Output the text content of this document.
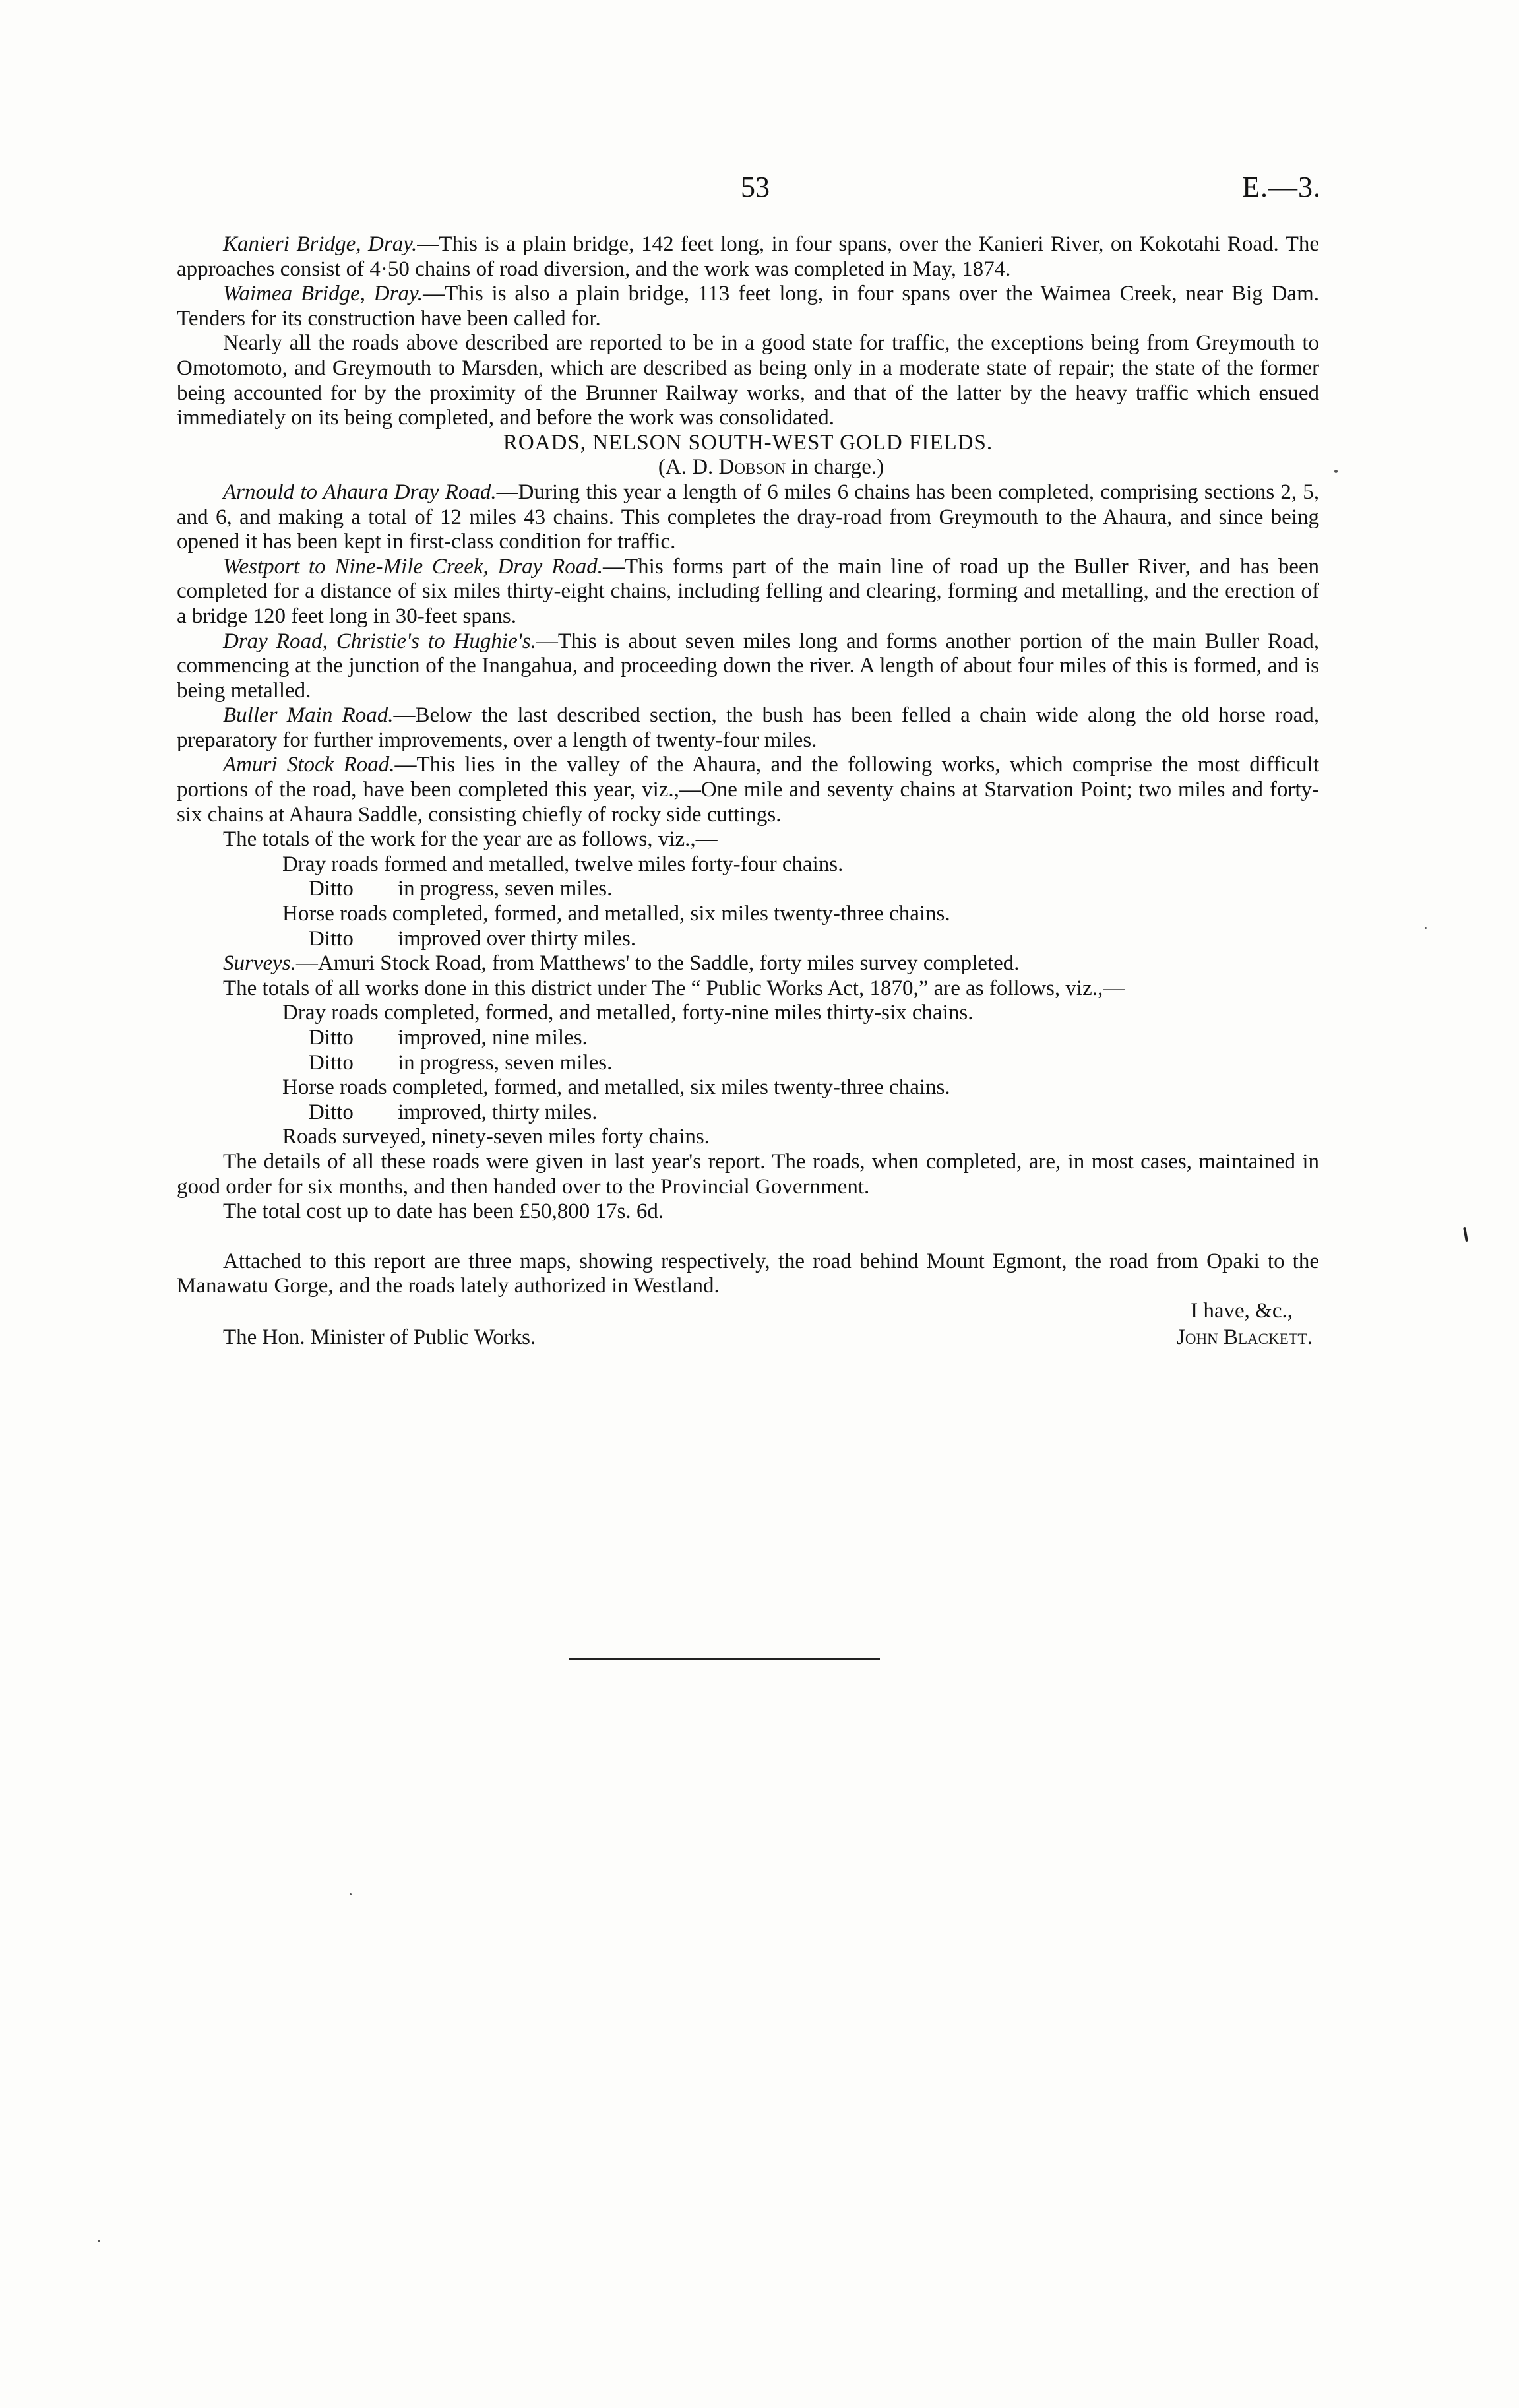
53	E.—3.

Kanieri Bridge, Dray.—This is a plain bridge, 142 feet long, in four spans, over the Kanieri River, on Kokotahi Road. The approaches consist of 4·50 chains of road diversion, and the work was completed in May, 1874.

Waimea Bridge, Dray.—This is also a plain bridge, 113 feet long, in four spans over the Waimea Creek, near Big Dam. Tenders for its construction have been called for.

Nearly all the roads above described are reported to be in a good state for traffic, the exceptions being from Greymouth to Omotomoto, and Greymouth to Marsden, which are described as being only in a moderate state of repair; the state of the former being accounted for by the proximity of the Brunner Railway works, and that of the latter by the heavy traffic which ensued immediately on its being completed, and before the work was consolidated.

ROADS, NELSON SOUTH-WEST GOLD FIELDS.

(A. D. Dobson in charge.)

Arnould to Ahaura Dray Road.—During this year a length of 6 miles 6 chains has been completed, comprising sections 2, 5, and 6, and making a total of 12 miles 43 chains. This completes the dray-road from Greymouth to the Ahaura, and since being opened it has been kept in first-class condition for traffic.

Westport to Nine-Mile Creek, Dray Road.—This forms part of the main line of road up the Buller River, and has been completed for a distance of six miles thirty-eight chains, including felling and clearing, forming and metalling, and the erection of a bridge 120 feet long in 30-feet spans.

Dray Road, Christie's to Hughie's.—This is about seven miles long and forms another portion of the main Buller Road, commencing at the junction of the Inangahua, and proceeding down the river. A length of about four miles of this is formed, and is being metalled.

Buller Main Road.—Below the last described section, the bush has been felled a chain wide along the old horse road, preparatory for further improvements, over a length of twenty-four miles.

Amuri Stock Road.—This lies in the valley of the Ahaura, and the following works, which comprise the most difficult portions of the road, have been completed this year, viz.,—One mile and seventy chains at Starvation Point; two miles and forty-six chains at Ahaura Saddle, consisting chiefly of rocky side cuttings.

The totals of the work for the year are as follows, viz.,—

Dray roads formed and metalled, twelve miles forty-four chains.
Ditto in progress, seven miles.
Horse roads completed, formed, and metalled, six miles twenty-three chains.
Ditto improved over thirty miles.

Surveys.—Amuri Stock Road, from Matthews' to the Saddle, forty miles survey completed.

The totals of all works done in this district under The “ Public Works Act, 1870,” are as follows, viz.,—

Dray roads completed, formed, and metalled, forty-nine miles thirty-six chains.
Ditto improved, nine miles.
Ditto in progress, seven miles.
Horse roads completed, formed, and metalled, six miles twenty-three chains.
Ditto improved, thirty miles.
Roads surveyed, ninety-seven miles forty chains.

The details of all these roads were given in last year's report. The roads, when completed, are, in most cases, maintained in good order for six months, and then handed over to the Provincial Government.

The total cost up to date has been £50,800 17s. 6d.

Attached to this report are three maps, showing respectively, the road behind Mount Egmont, the road from Opaki to the Manawatu Gorge, and the roads lately authorized in Westland.

I have, &c.,
The Hon. Minister of Public Works.	John Blackett.
